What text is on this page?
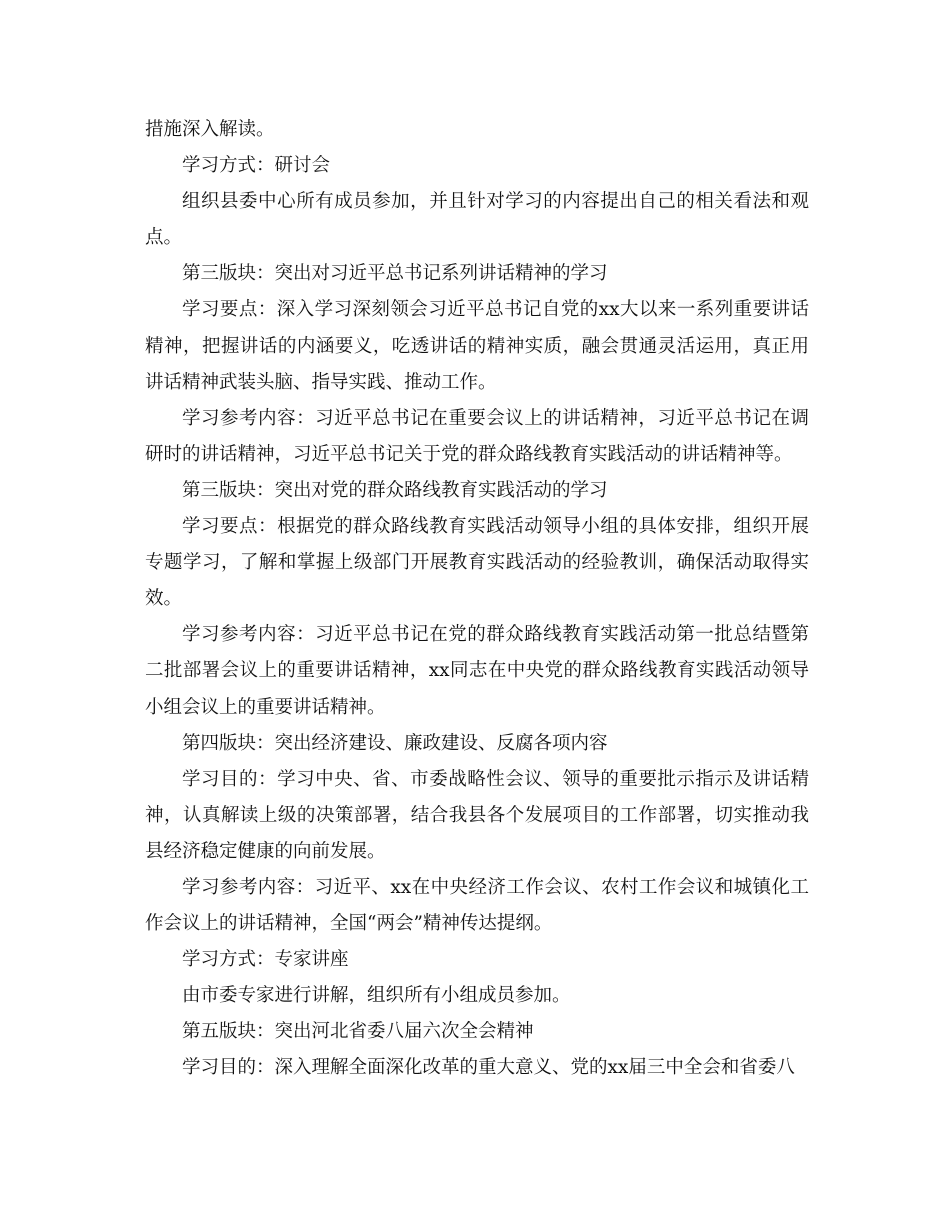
措施深入解读。

学习方式：研讨会

组织县委中心所有成员参加，并且针对学习的内容提出自己的相关看法和观点。

第三版块：突出对习近平总书记系列讲话精神的学习

学习要点：深入学习深刻领会习近平总书记自党的xx大以来一系列重要讲话精神，把握讲话的内涵要义，吃透讲话的精神实质，融会贯通灵活运用，真正用讲话精神武装头脑、指导实践、推动工作。

学习参考内容：习近平总书记在重要会议上的讲话精神，习近平总书记在调研时的讲话精神，习近平总书记关于党的群众路线教育实践活动的讲话精神等。

第三版块：突出对党的群众路线教育实践活动的学习

学习要点：根据党的群众路线教育实践活动领导小组的具体安排，组织开展专题学习，了解和掌握上级部门开展教育实践活动的经验教训，确保活动取得实效。

学习参考内容：习近平总书记在党的群众路线教育实践活动第一批总结暨第二批部署会议上的重要讲话精神，xx同志在中央党的群众路线教育实践活动领导小组会议上的重要讲话精神。

第四版块：突出经济建设、廉政建设、反腐各项内容

学习目的：学习中央、省、市委战略性会议、领导的重要批示指示及讲话精神，认真解读上级的决策部署，结合我县各个发展项目的工作部署，切实推动我县经济稳定健康的向前发展。

学习参考内容：习近平、xx在中央经济工作会议、农村工作会议和城镇化工作会议上的讲话精神，全国“两会”精神传达提纲。

学习方式：专家讲座

由市委专家进行讲解，组织所有小组成员参加。

第五版块：突出河北省委八届六次全会精神

学习目的：深入理解全面深化改革的重大意义、党的xx届三中全会和省委八
